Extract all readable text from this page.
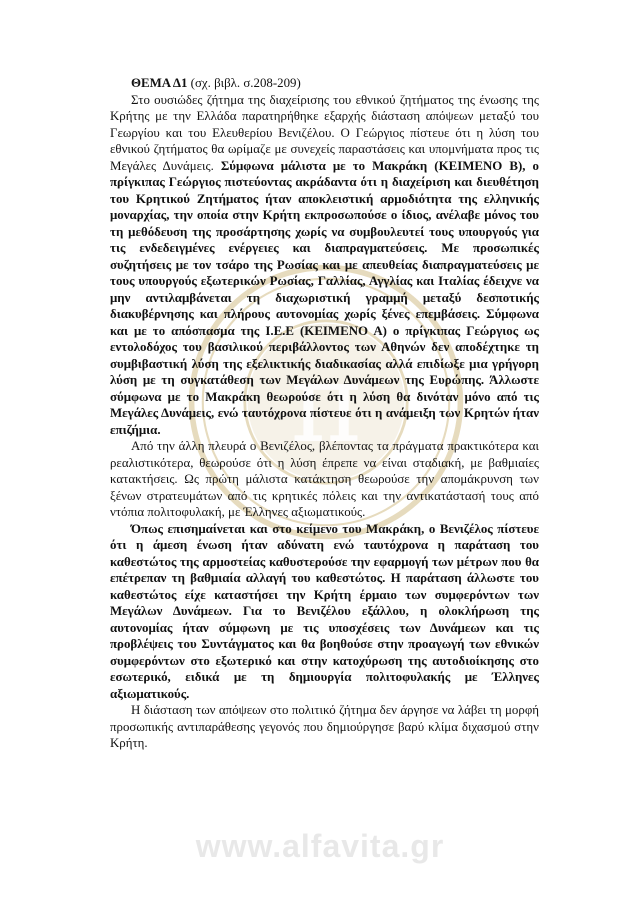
π
www.alfavita.gr

ΘΕΜΑ Δ1 (σχ. βιβλ. σ.208-209)

Στο ουσιώδες ζήτημα της διαχείρισης του εθνικού ζητήματος της ένωσης της Κρήτης με την Ελλάδα παρατηρήθηκε εξαρχής διάσταση απόψεων μεταξύ του Γεωργίου και του Ελευθερίου Βενιζέλου. Ο Γεώργιος πίστευε ότι η λύση του εθνικού ζητήματος θα ωρίμαζε με συνεχείς παραστάσεις και υπομνήματα προς τις Μεγάλες Δυνάμεις. Σύμφωνα μάλιστα με το Μακράκη (ΚΕΙΜΕΝΟ Β), ο πρίγκιπας Γεώργιος πιστεύοντας ακράδαντα ότι η διαχείριση και διευθέτηση του Κρητικού Ζητήματος ήταν αποκλειστική αρμοδιότητα της ελληνικής μοναρχίας, την οποία στην Κρήτη εκπροσωπούσε ο ίδιος, ανέλαβε μόνος του τη μεθόδευση της προσάρτησης χωρίς να συμβουλευτεί τους υπουργούς για τις ενδεδειγμένες ενέργειες και διαπραγματεύσεις. Με προσωπικές συζητήσεις με τον τσάρο της Ρωσίας και με απευθείας διαπραγματεύσεις με τους υπουργούς εξωτερικών Ρωσίας, Γαλλίας, Αγγλίας και Ιταλίας έδειχνε να μην αντιλαμβάνεται τη διαχωριστική γραμμή μεταξύ δεσποτικής διακυβέρνησης και πλήρους αυτονομίας χωρίς ξένες επεμβάσεις. Σύμφωνα και με το απόσπασμα της Ι.Ε.Ε (ΚΕΙΜΕΝΟ Α) ο πρίγκιπας Γεώργιος ως εντολοδόχος του βασιλικού περιβάλλοντος των Αθηνών δεν αποδέχτηκε τη συμβιβαστική λύση της εξελικτικής διαδικασίας αλλά επιδίωξε μια γρήγορη λύση με τη συγκατάθεση των Μεγάλων Δυνάμεων της Ευρώπης. Άλλωστε σύμφωνα με το Μακράκη θεωρούσε ότι η λύση θα δινόταν μόνο από τις Μεγάλες Δυνάμεις, ενώ ταυτόχρονα πίστευε ότι η ανάμειξη των Κρητών ήταν επιζήμια.

Από την άλλη πλευρά ο Βενιζέλος, βλέποντας τα πράγματα πρακτικότερα και ρεαλιστικότερα, θεωρούσε ότι η λύση έπρεπε να είναι σταδιακή, με βαθμιαίες κατακτήσεις. Ως πρώτη μάλιστα κατάκτηση θεωρούσε την απομάκρυνση των ξένων στρατευμάτων από τις κρητικές πόλεις και την αντικατάστασή τους από ντόπια πολιτοφυλακή, με Έλληνες αξιωματικούς.

Όπως επισημαίνεται και στο κείμενο του Μακράκη, ο Βενιζέλος πίστευε ότι η άμεση ένωση ήταν αδύνατη ενώ ταυτόχρονα η παράταση του καθεστώτος της αρμοστείας καθυστερούσε την εφαρμογή των μέτρων που θα επέτρεπαν τη βαθμιαία αλλαγή του καθεστώτος. Η παράταση άλλωστε του καθεστώτος είχε καταστήσει την Κρήτη έρμαιο των συμφερόντων των Μεγάλων Δυνάμεων. Για το Βενιζέλου εξάλλου, η ολοκλήρωση της αυτονομίας ήταν σύμφωνη με τις υποσχέσεις των Δυνάμεων και τις προβλέψεις του Συντάγματος και θα βοηθούσε στην προαγωγή των εθνικών συμφερόντων στο εξωτερικό και στην κατοχύρωση της αυτοδιοίκησης στο εσωτερικό, ειδικά με τη δημιουργία πολιτοφυλακής με Έλληνες αξιωματικούς.

Η διάσταση των απόψεων στο πολιτικό ζήτημα δεν άργησε να λάβει τη μορφή προσωπικής αντιπαράθεσης γεγονός που δημιούργησε βαρύ κλίμα διχασμού στην Κρήτη.
